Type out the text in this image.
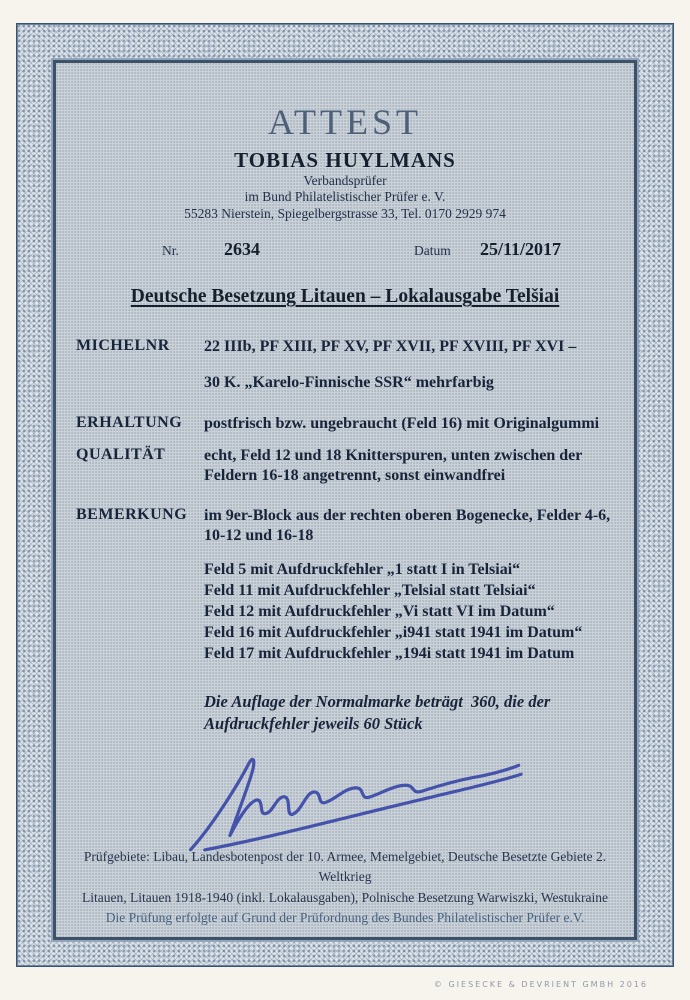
ATTEST
TOBIAS HUYLMANS
Verbandsprüfer
im Bund Philatelistischer Prüfer e. V.
55283 Nierstein, Spiegelbergstrasse 33, Tel. 0170 2929 974
Nr.	2634	Datum	25/11/2017
Deutsche Besetzung Litauen – Lokalausgabe Telšiai
MICHELNR	22 IIIb, PF XIII, PF XV, PF XVII, PF XVIII, PF XVI –

30 K. „Karelo-Finnische SSR“ mehrfarbig

ERHALTUNG	postfrisch bzw. ungebraucht (Feld 16) mit Originalgummi

QUALITÄT	echt, Feld 12 und 18 Knitterspuren, unten zwischen der

Feldern 16-18 angetrennt, sonst einwandfrei

BEMERKUNG	im 9er-Block aus der rechten oberen Bogenecke, Felder 4-6,

10-12 und 16-18

Feld 5 mit Aufdruckfehler „1 statt I in Telsiai“

Feld 11 mit Aufdruckfehler „Telsial statt Telsiai“

Feld 12 mit Aufdruckfehler „Vi statt VI im Datum“

Feld 16 mit Aufdruckfehler „i941 statt 1941 im Datum“

Feld 17 mit Aufdruckfehler „194i statt 1941 im Datum

Die Auflage der Normalmarke beträgt  360, die der

Aufdruckfehler jeweils 60 Stück

Prüfgebiete: Libau, Landesbotenpost der 10. Armee, Memelgebiet, Deutsche Besetzte Gebiete 2. Weltkrieg

Litauen, Litauen 1918-1940 (inkl. Lokalausgaben), Polnische Besetzung Warwiszki, Westukraine

Die Prüfung erfolgte auf Grund der Prüfordnung des Bundes Philatelistischer Prüfer e.V.

© GIESECKE & DEVRIENT GMBH 2016
